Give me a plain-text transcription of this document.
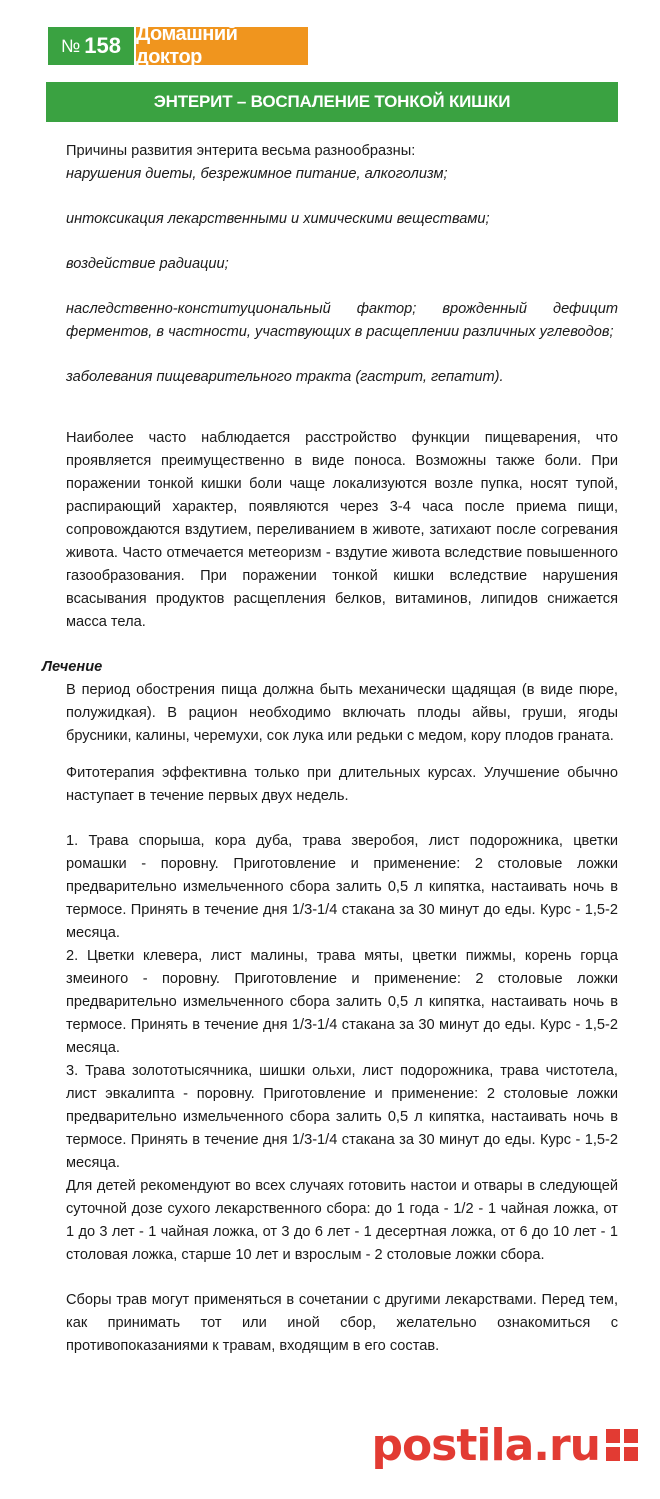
№ 158 Домашний доктор
ЭНТЕРИТ – ВОСПАЛЕНИЕ ТОНКОЙ КИШКИ

Причины развития энтерита весьма разнообразны:

нарушения диеты, безрежимное питание, алкоголизм;

интоксикация лекарственными и химическими веществами;

воздействие радиации;

наследственно-конституциональный фактор; врожденный дефицит ферментов, в частности, участвующих в расщеплении различных углеводов;

заболевания пищеварительного тракта (гастрит, гепатит).

Наиболее часто наблюдается расстройство функции пищеварения, что проявляется преимущественно в виде поноса. Возможны также боли. При поражении тонкой кишки боли чаще локализуются возле пупка, носят тупой, распирающий характер, появляются через 3-4 часа после приема пищи, сопровождаются вздутием, переливанием в животе, затихают после согревания живота. Часто отмечается метеоризм - вздутие живота вследствие повышенного газообразования. При поражении тонкой кишки вследствие нарушения всасывания продуктов расщепления белков, витаминов, липидов снижается масса тела.

Лечение

В период обострения пища должна быть механически щадящая (в виде пюре, полужидкая). В рацион необходимо включать плоды айвы, груши, ягоды брусники, калины, черемухи, сок лука или редьки с медом, кору плодов граната.

Фитотерапия эффективна только при длительных курсах. Улучшение обычно наступает в течение первых двух недель.

1. Трава спорыша, кора дуба, трава зверобоя, лист подорожника, цветки ромашки - поровну. Приготовление и применение: 2 столовые ложки предварительно измельченного сбора залить 0,5 л кипятка, настаивать ночь в термосе. Принять в течение дня 1/3-1/4 стакана за 30 минут до еды. Курс - 1,5-2 месяца.

2. Цветки клевера, лист малины, трава мяты, цветки пижмы, корень горца змеиного - поровну. Приготовление и применение: 2 столовые ложки предварительно измельченного сбора залить 0,5 л кипятка, настаивать ночь в термосе. Принять в течение дня 1/3-1/4 стакана за 30 минут до еды. Курс - 1,5-2 месяца.

3. Трава золототысячника, шишки ольхи, лист подорожника, трава чистотела, лист эвкалипта - поровну. Приготовление и применение: 2 столовые ложки предварительно измельченного сбора залить 0,5 л кипятка, настаивать ночь в термосе. Принять в течение дня 1/3-1/4 стакана за 30 минут до еды. Курс - 1,5-2 месяца.

Для детей рекомендуют во всех случаях готовить настои и отвары в следующей суточной дозе сухого лекарственного сбора: до 1 года - 1/2 - 1 чайная ложка, от 1 до 3 лет - 1 чайная ложка, от 3 до 6 лет - 1 десертная ложка, от 6 до 10 лет - 1 столовая ложка, старше 10 лет и взрослым - 2 столовые ложки сбора.

Сборы трав могут применяться в сочетании с другими лекарствами. Перед тем, как принимать тот или иной сбор, желательно ознакомиться с противопоказаниями к травам, входящим в его состав.

postila.ru
